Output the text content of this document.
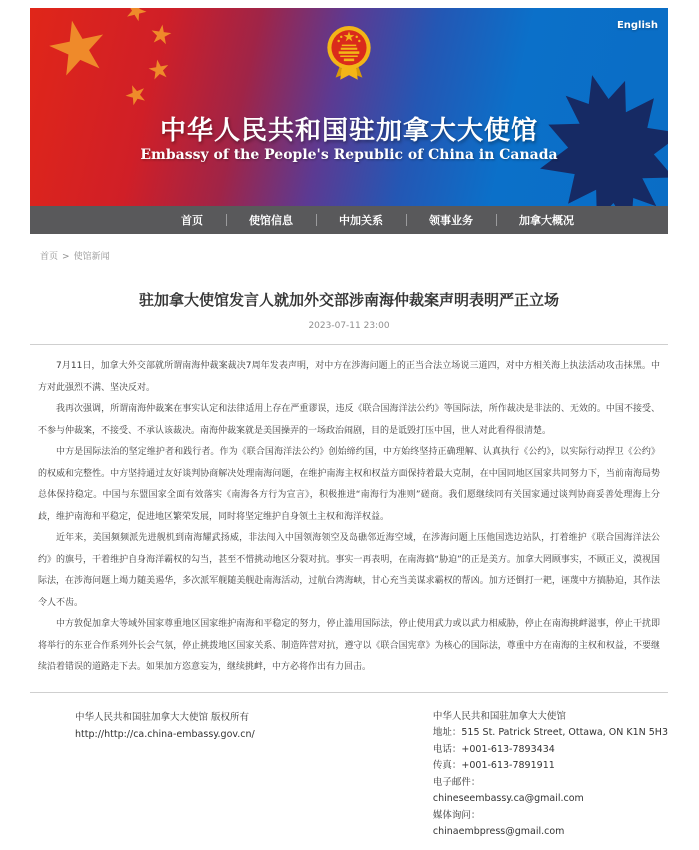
English
中华人民共和国驻加拿大大使馆
Embassy of the People's Republic of China in Canada
首页	使馆信息	中加关系	领事业务	加拿大概况
首页 > 使馆新闻
驻加拿大使馆发言人就加外交部涉南海仲裁案声明表明严正立场
2023-07-11 23:00

7月11日，加拿大外交部就所谓南海仲裁案裁决7周年发表声明，对中方在涉海问题上的正当合法立场说三道四，对中方相关海上执法活动攻击抹黑。中方对此强烈不满、坚决反对。

我再次强调，所谓南海仲裁案在事实认定和法律适用上存在严重谬误，违反《联合国海洋法公约》等国际法，所作裁决是非法的、无效的。中国不接受、不参与仲裁案，不接受、不承认该裁决。南海仲裁案就是美国操弄的一场政治闹剧，目的是诋毁打压中国，世人对此看得很清楚。

中方是国际法治的坚定维护者和践行者。作为《联合国海洋法公约》创始缔约国，中方始终坚持正确理解、认真执行《公约》，以实际行动捍卫《公约》的权威和完整性。中方坚持通过友好谈判协商解决处理南海问题，在维护南海主权和权益方面保持着最大克制，在中国同地区国家共同努力下，当前南海局势总体保持稳定。中国与东盟国家全面有效落实《南海各方行为宣言》，积极推进“南海行为准则”磋商。我们愿继续同有关国家通过谈判协商妥善处理海上分歧，维护南海和平稳定，促进地区繁荣发展，同时将坚定维护自身领土主权和海洋权益。

近年来，美国频频派先进舰机到南海耀武扬威，非法闯入中国领海领空及岛礁邻近海空域，在涉海问题上压他国选边站队，打着维护《联合国海洋法公约》的旗号，干着维护自身海洋霸权的勾当，甚至不惜挑动地区分裂对抗。事实一再表明，在南海搞“胁迫”的正是美方。加拿大罔顾事实，不顾正义，漠视国际法，在涉海问题上竭力随美遏华，多次派军舰随美舰赴南海活动，过航台湾海峡，甘心充当美谋求霸权的帮凶。加方还倒打一耙，诬蔑中方搞胁迫，其作法令人不齿。

中方敦促加拿大等域外国家尊重地区国家维护南海和平稳定的努力，停止滥用国际法，停止使用武力或以武力相威胁，停止在南海挑衅滋事，停止干扰即将举行的东亚合作系列外长会气氛，停止挑拨地区国家关系、制造阵营对抗，遵守以《联合国宪章》为核心的国际法，尊重中方在南海的主权和权益，不要继续沿着错误的道路走下去。如果加方恣意妄为，继续挑衅，中方必将作出有力回击。

中华人民共和国驻加拿大大使馆 版权所有
http://http://ca.china-embassy.gov.cn/
中华人民共和国驻加拿大大使馆
地址：515 St. Patrick Street, Ottawa, ON K1N 5H3
电话：+001-613-7893434
传真：+001-613-7891911
电子邮件：
chineseembassy.ca@gmail.com
媒体询问：
chinaembpress@gmail.com
